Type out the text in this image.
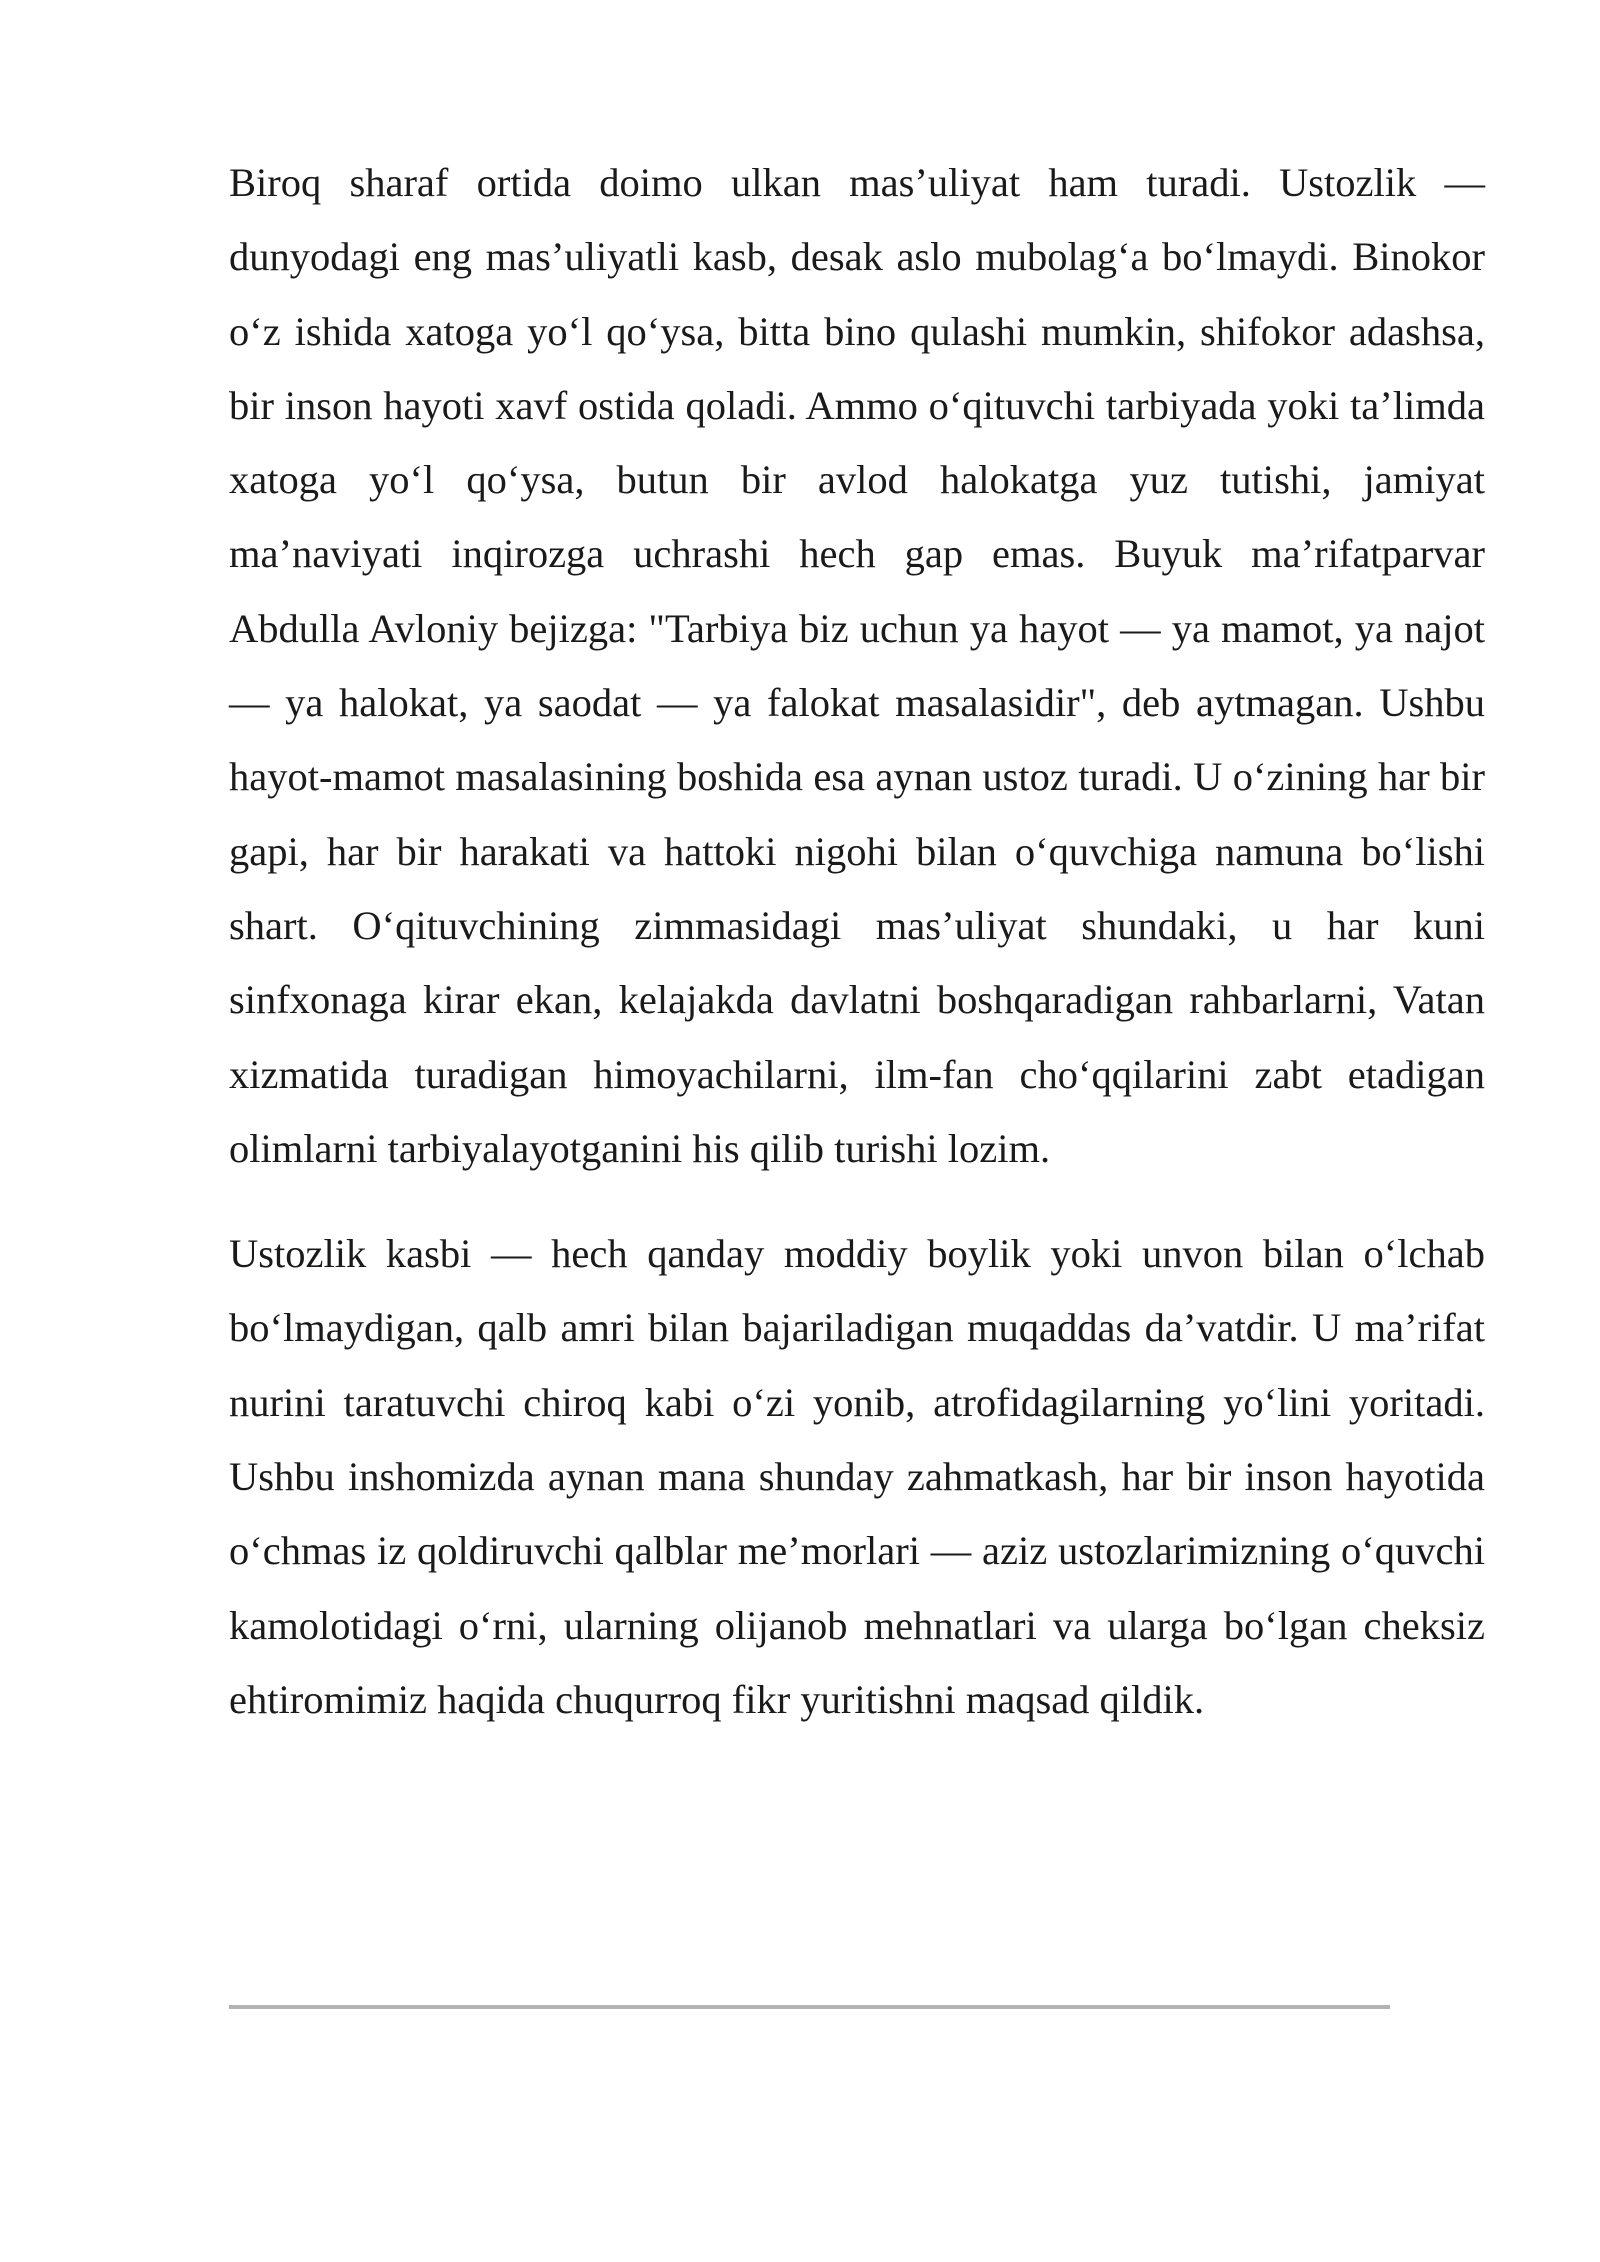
Biroq sharaf ortida doimo ulkan mas’uliyat ham turadi. Ustozlik — dunyodagi eng mas’uliyatli kasb, desak aslo mubolag‘a bo‘lmaydi. Binokor o‘z ishida xatoga yo‘l qo‘ysa, bitta bino qulashi mumkin, shifokor adashsa, bir inson hayoti xavf ostida qoladi. Ammo o‘qituvchi tarbiyada yoki ta’limda xatoga yo‘l qo‘ysa, butun bir avlod halokatga yuz tutishi, jamiyat ma’naviyati inqirozga uchrashi hech gap emas. Buyuk ma’rifatparvar Abdulla Avloniy bejizga: "Tarbiya biz uchun ya hayot — ya mamot, ya najot — ya halokat, ya saodat — ya falokat masalasidir", deb aytmagan. Ushbu hayot-mamot masalasining boshida esa aynan ustoz turadi. U o‘zining har bir gapi, har bir harakati va hattoki nigohi bilan o‘quvchiga namuna bo‘lishi shart. O‘qituvchining zimmasidagi mas’uliyat shundaki, u har kuni sinfxonaga kirar ekan, kelajakda davlatni boshqaradigan rahbarlarni, Vatan xizmatida turadigan himoyachilarni, ilm-fan cho‘qqilarini zabt etadigan olimlarni tarbiyalayotganini his qilib turishi lozim.

Ustozlik kasbi — hech qanday moddiy boylik yoki unvon bilan o‘lchab bo‘lmaydigan, qalb amri bilan bajariladigan muqaddas da’vatdir. U ma’rifat nurini taratuvchi chiroq kabi o‘zi yonib, atrofidagilarning yo‘lini yoritadi. Ushbu inshomizda aynan mana shunday zahmatkash, har bir inson hayotida o‘chmas iz qoldiruvchi qalblar me’morlari — aziz ustozlarimizning o‘quvchi kamolotidagi o‘rni, ularning olijanob mehnatlari va ularga bo‘lgan cheksiz ehtiromimiz haqida chuqurroq fikr yuritishni maqsad qildik.
